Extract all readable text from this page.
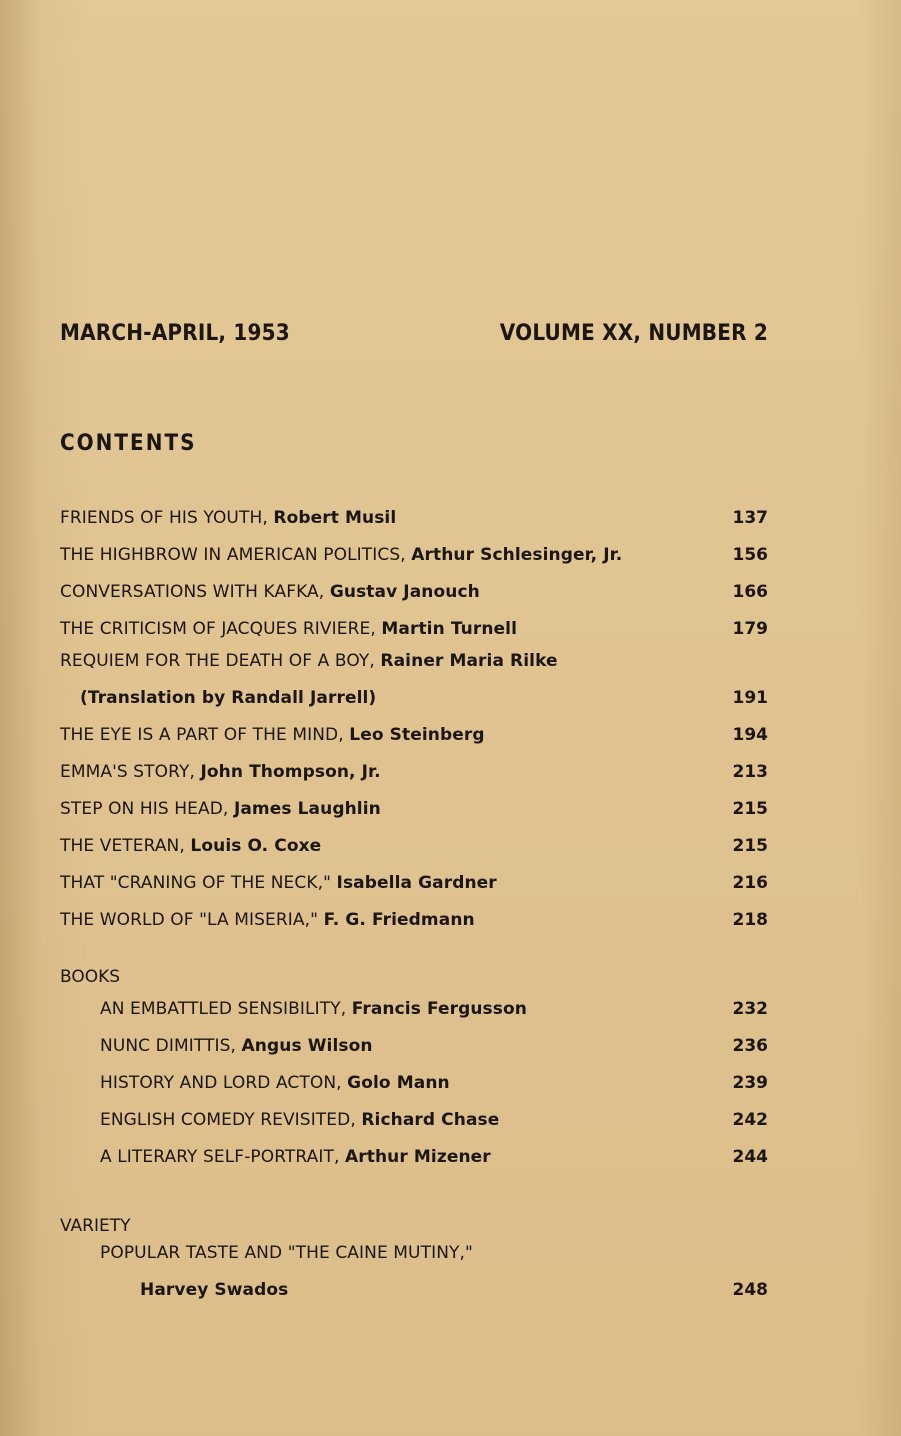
MARCH-APRIL, 1953	VOLUME XX, NUMBER 2
CONTENTS
FRIENDS OF HIS YOUTH, Robert Musil	137
THE HIGHBROW IN AMERICAN POLITICS, Arthur Schlesinger, Jr.	156
CONVERSATIONS WITH KAFKA, Gustav Janouch	166
THE CRITICISM OF JACQUES RIVIERE, Martin Turnell	179
REQUIEM FOR THE DEATH OF A BOY, Rainer Maria Rilke
(Translation by Randall Jarrell)	191
THE EYE IS A PART OF THE MIND, Leo Steinberg	194
EMMA'S STORY, John Thompson, Jr.	213
STEP ON HIS HEAD, James Laughlin	215
THE VETERAN, Louis O. Coxe	215
THAT "CRANING OF THE NECK," Isabella Gardner	216
THE WORLD OF "LA MISERIA," F. G. Friedmann	218
BOOKS
AN EMBATTLED SENSIBILITY, Francis Fergusson	232
NUNC DIMITTIS, Angus Wilson	236
HISTORY AND LORD ACTON, Golo Mann	239
ENGLISH COMEDY REVISITED, Richard Chase	242
A LITERARY SELF-PORTRAIT, Arthur Mizener	244
VARIETY
POPULAR TASTE AND "THE CAINE MUTINY,"
Harvey Swados	248
